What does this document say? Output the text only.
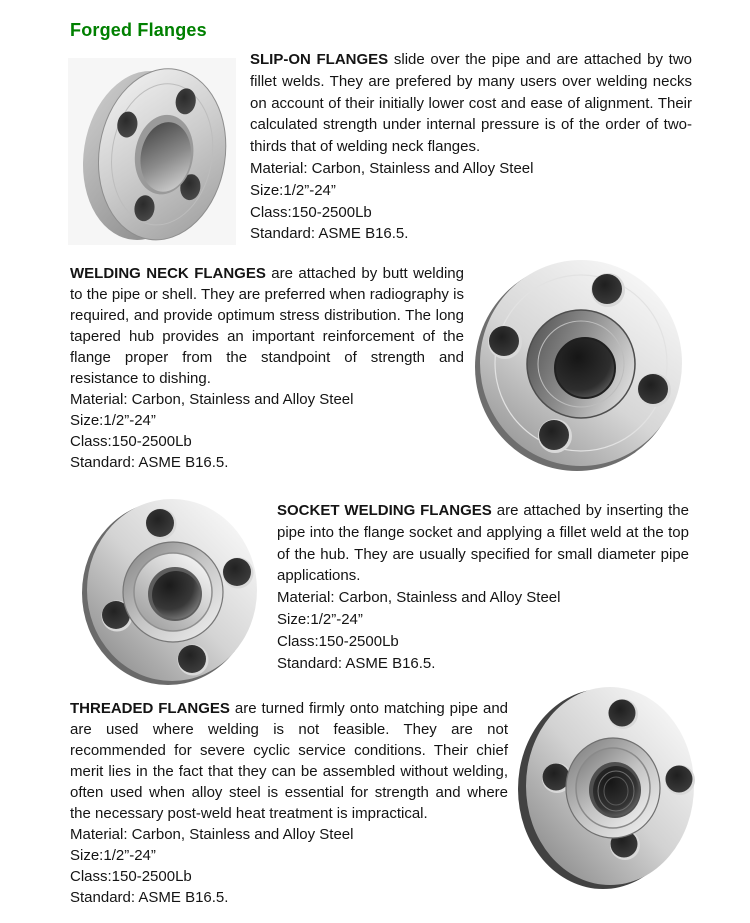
Forged Flanges

SLIP-ON FLANGES slide over the pipe and are attached by two fillet welds. They are prefered by many users over welding necks on account of their initially lower cost and ease of alignment. Their calculated strength under internal pressure is of the order of two-thirds that of welding neck flanges.

Material: Carbon, Stainless and Alloy Steel
Size:1/2”-24”
Class:150-2500Lb
Standard: ASME B16.5.

WELDING NECK FLANGES are attached by butt welding to the pipe or shell. They are preferred when radiography is required, and provide optimum stress distribution. The long tapered hub provides an important reinforcement of the flange proper from the standpoint of strength and resistance to dishing.

Material: Carbon, Stainless and Alloy Steel
Size:1/2”-24”
Class:150-2500Lb
Standard: ASME B16.5.

SOCKET WELDING FLANGES are attached by inserting the pipe into the flange socket and applying a fillet weld at the top of the hub. They are usually specified for small diameter pipe applications.

Material: Carbon, Stainless and Alloy Steel
Size:1/2”-24”
Class:150-2500Lb
Standard: ASME B16.5.

THREADED FLANGES are turned firmly onto matching pipe and are used where welding is not feasible. They are not recommended for severe cyclic service conditions. Their chief merit lies in the fact that they can be assembled without welding, often used when alloy steel is essential for strength and where the necessary post-weld heat treatment is impractical.

Material: Carbon, Stainless and Alloy Steel
Size:1/2”-24”
Class:150-2500Lb
Standard: ASME B16.5.
